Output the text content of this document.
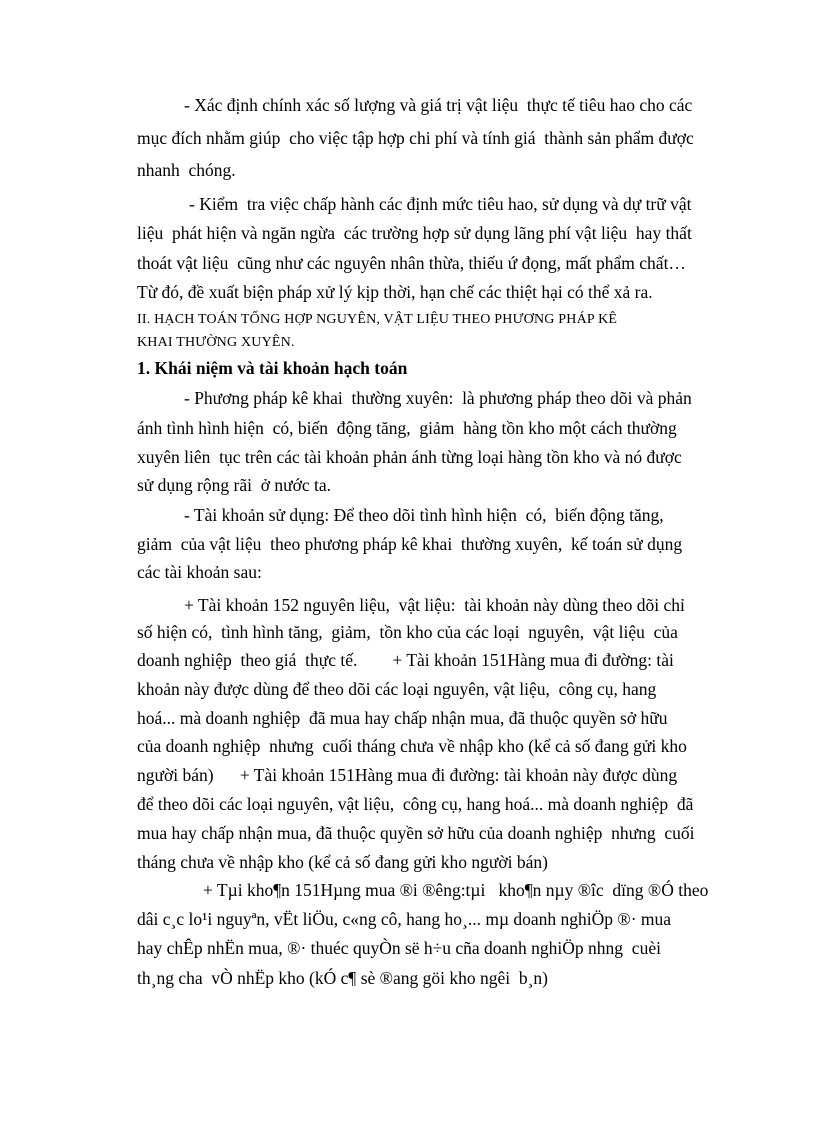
- Xác định chính xác số lượng và giá trị vật liệu  thực tế tiêu hao cho các
mục đích nhằm giúp  cho việc tập hợp chi phí và tính giá  thành sản phẩm được
nhanh  chóng.
- Kiểm  tra việc chấp hành các định mức tiêu hao, sử dụng và dự trữ vật
liệu  phát hiện và ngăn ngừa  các trường hợp sử dụng lãng phí vật liệu  hay thất
thoát vật liệu  cũng như các nguyên nhân thừa, thiếu ứ đọng, mất phẩm chất…
Từ đó, đề xuất biện pháp xử lý kịp thời, hạn chế các thiệt hại có thể xả ra.
II. HẠCH TOÁN TỔNG HỢP NGUYÊN, VẬT LIỆU THEO PHƯƠNG PHÁP KÊ
KHAI THƯỜNG XUYÊN.
1. Khái niệm và tài khoản hạch toán
- Phương pháp kê khai  thường xuyên:  là phương pháp theo dõi và phản
ánh tình hình hiện  có, biến  động tăng,  giảm  hàng tồn kho một cách thường
xuyên liên  tục trên các tài khoản phản ánh từng loại hàng tồn kho và nó được
sử dụng rộng rãi  ở nước ta.
- Tài khoản sử dụng: Để theo dõi tình hình hiện  có,  biến động tăng,
giảm  của vật liệu  theo phương pháp kê khai  thường xuyên,  kế toán sử dụng
các tài khoản sau:
+ Tài khoản 152 nguyên liệu,  vật liệu:  tài khoản này dùng theo dõi chỉ
số hiện có,  tình hình tăng,  giảm,  tồn kho của các loại  nguyên,  vật liệu  của
doanh nghiệp  theo giá  thực tế.        + Tài khoản 151Hàng mua đi đường: tài
khoản này được dùng để theo dõi các loại nguyên, vật liệu,  công cụ, hang
hoá... mà doanh nghiệp  đã mua hay chấp nhận mua, đã thuộc quyền sở hữu
của doanh nghiệp  nhưng  cuối tháng chưa về nhập kho (kể cả số đang gửi kho
người bán)      + Tài khoản 151Hàng mua đi đường: tài khoản này được dùng
để theo dõi các loại nguyên, vật liệu,  công cụ, hang hoá... mà doanh nghiệp  đã
mua hay chấp nhận mua, đã thuộc quyền sở hữu của doanh nghiệp  nhưng  cuối
tháng chưa về nhập kho (kể cả số đang gửi kho người bán)
+ Tµi kho¶n 151Hµng mua ®i ®êng:tµi   kho¶n nµy ®îc  dïng ®Ó theo
dâi c¸c lo¹i nguyªn, vËt liÖu, c«ng cô, hang ho¸... mµ doanh nghiÖp ®· mua
hay chÊp nhËn mua, ®· thuéc quyÒn së h÷u cña doanh nghiÖp nhng  cuèi
th¸ng cha  vÒ nhËp kho (kÓ c¶ sè ®ang göi kho ngêi  b¸n)
